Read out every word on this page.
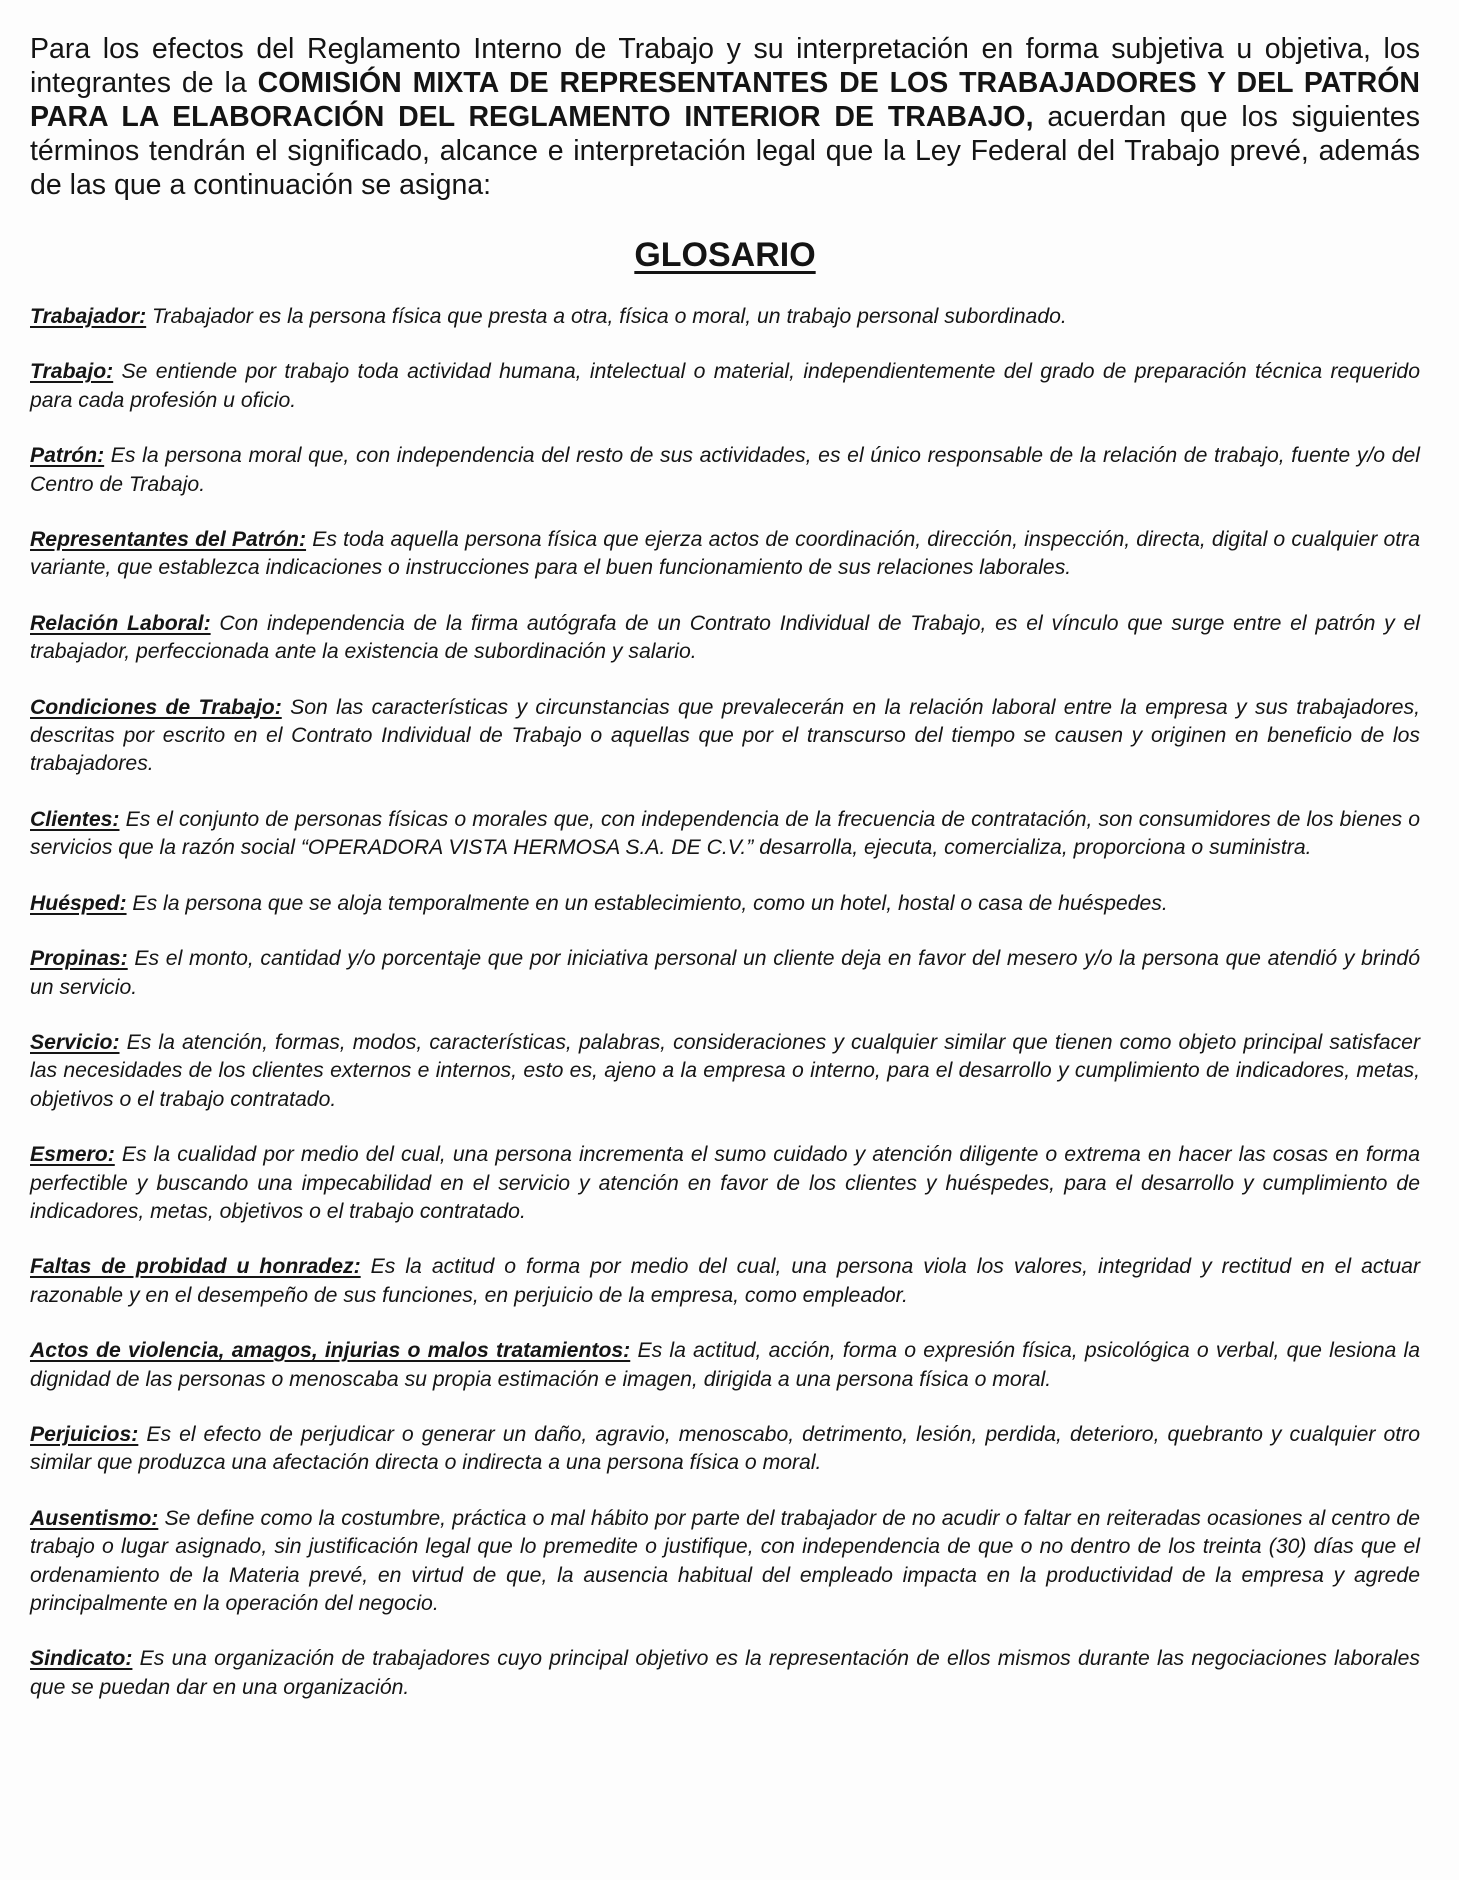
Para los efectos del Reglamento Interno de Trabajo y su interpretación en forma subjetiva u objetiva, los integrantes de la COMISIÓN MIXTA DE REPRESENTANTES DE LOS TRABAJADORES Y DEL PATRÓN PARA LA ELABORACIÓN DEL REGLAMENTO INTERIOR DE TRABAJO, acuerdan que los siguientes términos tendrán el significado, alcance e interpretación legal que la Ley Federal del Trabajo prevé, además de las que a continuación se asigna:

GLOSARIO

Trabajador: Trabajador es la persona física que presta a otra, física o moral, un trabajo personal subordinado.

Trabajo: Se entiende por trabajo toda actividad humana, intelectual o material, independientemente del grado de preparación técnica requerido para cada profesión u oficio.

Patrón: Es la persona moral que, con independencia del resto de sus actividades, es el único responsable de la relación de trabajo, fuente y/o del Centro de Trabajo.

Representantes del Patrón: Es toda aquella persona física que ejerza actos de coordinación, dirección, inspección, directa, digital o cualquier otra variante, que establezca indicaciones o instrucciones para el buen funcionamiento de sus relaciones laborales.

Relación Laboral: Con independencia de la firma autógrafa de un Contrato Individual de Trabajo, es el vínculo que surge entre el patrón y el trabajador, perfeccionada ante la existencia de subordinación y salario.

Condiciones de Trabajo: Son las características y circunstancias que prevalecerán en la relación laboral entre la empresa y sus trabajadores, descritas por escrito en el Contrato Individual de Trabajo o aquellas que por el transcurso del tiempo se causen y originen en beneficio de los trabajadores.

Clientes: Es el conjunto de personas físicas o morales que, con independencia de la frecuencia de contratación, son consumidores de los bienes o servicios que la razón social “OPERADORA VISTA HERMOSA S.A. DE C.V.” desarrolla, ejecuta, comercializa, proporciona o suministra.

Huésped: Es la persona que se aloja temporalmente en un establecimiento, como un hotel, hostal o casa de huéspedes.

Propinas: Es el monto, cantidad y/o porcentaje que por iniciativa personal un cliente deja en favor del mesero y/o la persona que atendió y brindó un servicio.

Servicio: Es la atención, formas, modos, características, palabras, consideraciones y cualquier similar que tienen como objeto principal satisfacer las necesidades de los clientes externos e internos, esto es, ajeno a la empresa o interno, para el desarrollo y cumplimiento de indicadores, metas, objetivos o el trabajo contratado.

Esmero: Es la cualidad por medio del cual, una persona incrementa el sumo cuidado y atención diligente o extrema en hacer las cosas en forma perfectible y buscando una impecabilidad en el servicio y atención en favor de los clientes y huéspedes, para el desarrollo y cumplimiento de indicadores, metas, objetivos o el trabajo contratado.

Faltas de probidad u honradez: Es la actitud o forma por medio del cual, una persona viola los valores, integridad y rectitud en el actuar razonable y en el desempeño de sus funciones, en perjuicio de la empresa, como empleador.

Actos de violencia, amagos, injurias o malos tratamientos: Es la actitud, acción, forma o expresión física, psicológica o verbal, que lesiona la dignidad de las personas o menoscaba su propia estimación e imagen, dirigida a una persona física o moral.

Perjuicios: Es el efecto de perjudicar o generar un daño, agravio, menoscabo, detrimento, lesión, perdida, deterioro, quebranto y cualquier otro similar que produzca una afectación directa o indirecta a una persona física o moral.

Ausentismo: Se define como la costumbre, práctica o mal hábito por parte del trabajador de no acudir o faltar en reiteradas ocasiones al centro de trabajo o lugar asignado, sin justificación legal que lo premedite o justifique, con independencia de que o no dentro de los treinta (30) días que el ordenamiento de la Materia prevé, en virtud de que, la ausencia habitual del empleado impacta en la productividad de la empresa y agrede principalmente en la operación del negocio.

Sindicato: Es una organización de trabajadores cuyo principal objetivo es la representación de ellos mismos durante las negociaciones laborales que se puedan dar en una organización.
